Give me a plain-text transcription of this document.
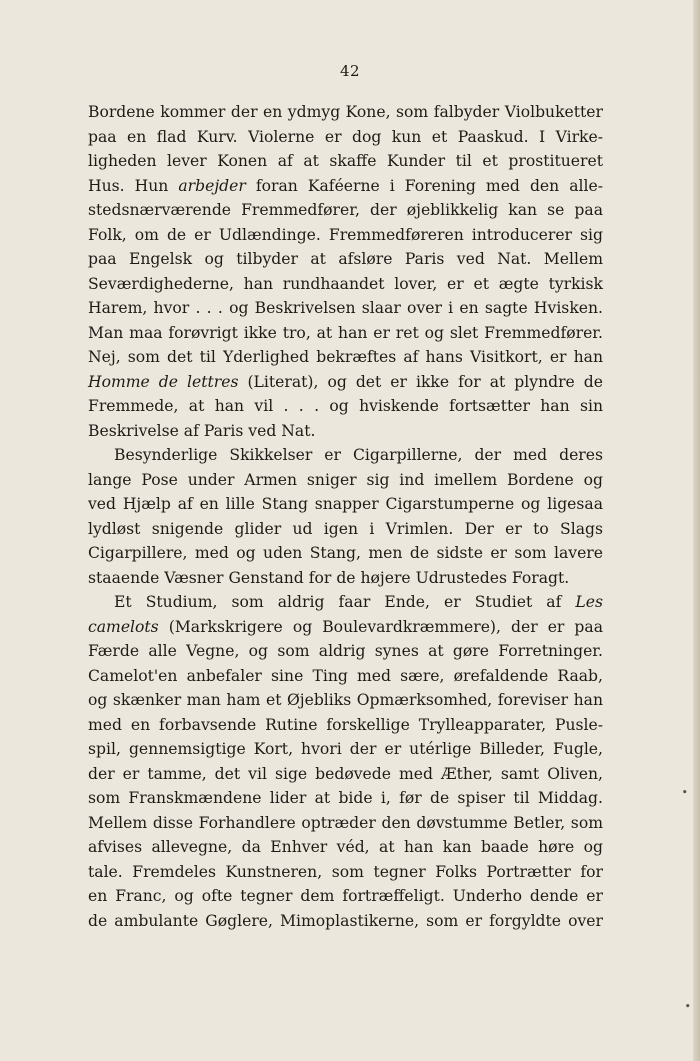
42
Bordene kommer der en ydmyg Kone, som falbyder Violbuketter
paa en flad Kurv. Violerne er dog kun et Paaskud. I Virke-
ligheden lever Konen af at skaffe Kunder til et prostitueret
Hus. Hun arbejder foran Kaféerne i Forening med den alle-
stedsnærværende Fremmedfører, der øjeblikkelig kan se paa
Folk, om de er Udlændinge. Fremmedføreren introducerer sig
paa Engelsk og tilbyder at afsløre Paris ved Nat. Mellem
Seværdighederne, han rundhaandet lover, er et ægte tyrkisk
Harem, hvor . . . og Beskrivelsen slaar over i en sagte Hvisken.
Man maa forøvrigt ikke tro, at han er ret og slet Fremmedfører.
Nej, som det til Yderlighed bekræftes af hans Visitkort, er han
Homme de lettres (Literat), og det er ikke for at plyndre de
Fremmede, at han vil . . . og hviskende fortsætter han sin
Beskrivelse af Paris ved Nat.
Besynderlige Skikkelser er Cigarpillerne, der med deres
lange Pose under Armen sniger sig ind imellem Bordene og
ved Hjælp af en lille Stang snapper Cigarstumperne og ligesaa
lydløst snigende glider ud igen i Vrimlen. Der er to Slags
Cigarpillere, med og uden Stang, men de sidste er som lavere
staaende Væsner Genstand for de højere Udrustedes Foragt.
Et Studium, som aldrig faar Ende, er Studiet af Les
camelots (Markskrigere og Boulevardkræmmere), der er paa
Færde alle Vegne, og som aldrig synes at gøre Forretninger.
Camelot'en anbefaler sine Ting med sære, ørefaldende Raab,
og skænker man ham et Øjebliks Opmærksomhed, foreviser han
med en forbavsende Rutine forskellige Trylleapparater, Pusle-
spil, gennemsigtige Kort, hvori der er utérlige Billeder, Fugle,
der er tamme, det vil sige bedøvede med Æther, samt Oliven,
som Franskmændene lider at bide i, før de spiser til Middag.
Mellem disse Forhandlere optræder den døvstumme Betler, som
afvises allevegne, da Enhver véd, at han kan baade høre og
tale. Fremdeles Kunstneren, som tegner Folks Portrætter for
en Franc, og ofte tegner dem fortræffeligt. Underho dende er
de ambulante Gøglere, Mimoplastikerne, som er forgyldte over
•
•
